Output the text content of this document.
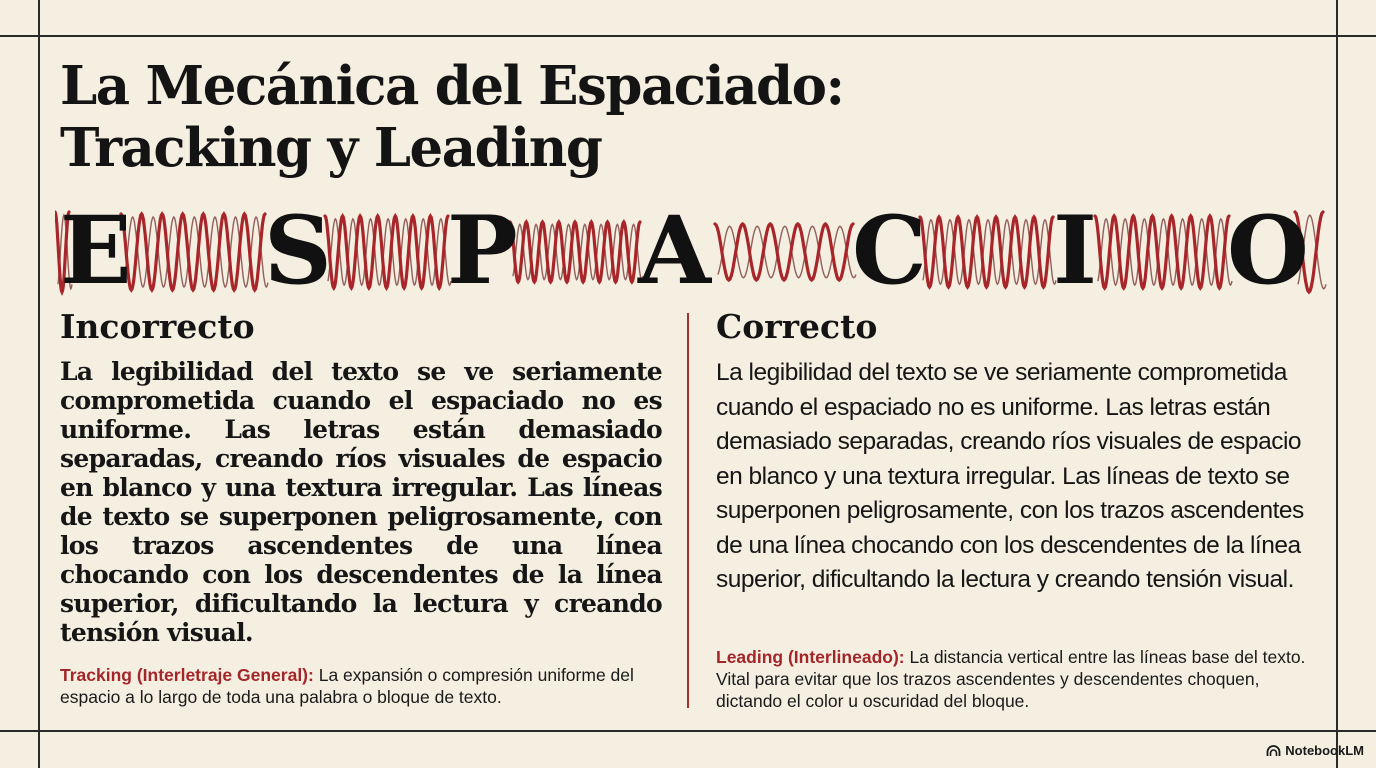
La Mecánica del Espaciado:
Tracking y Leading
E S P A C I O
Incorrecto	Correcto

La legibilidad del texto se ve seriamente comprometida cuando el espaciado no es uniforme. Las letras están demasiado separadas, creando ríos visuales de espacio en blanco y una textura irregular. Las líneas de texto se superponen peligrosamente, con los trazos ascendentes de una línea chocando con los descendentes de la línea superior, dificultando la lectura y creando tensión visual.

La legibilidad del texto se ve seriamente comprometida cuando el espaciado no es uniforme. Las letras están demasiado separadas, creando ríos visuales de espacio en blanco y una textura irregular. Las líneas de texto se superponen peligrosamente, con los trazos ascendentes de una línea chocando con los descendentes de la línea superior, dificultando la lectura y creando tensión visual.

Tracking (Interletraje General): La expansión o compresión uniforme del espacio a lo largo de toda una palabra o bloque de texto.

Leading (Interlineado): La distancia vertical entre las líneas base del texto. Vital para evitar que los trazos ascendentes y descendentes choquen, dictando el color u oscuridad del bloque.

NotebookLM
